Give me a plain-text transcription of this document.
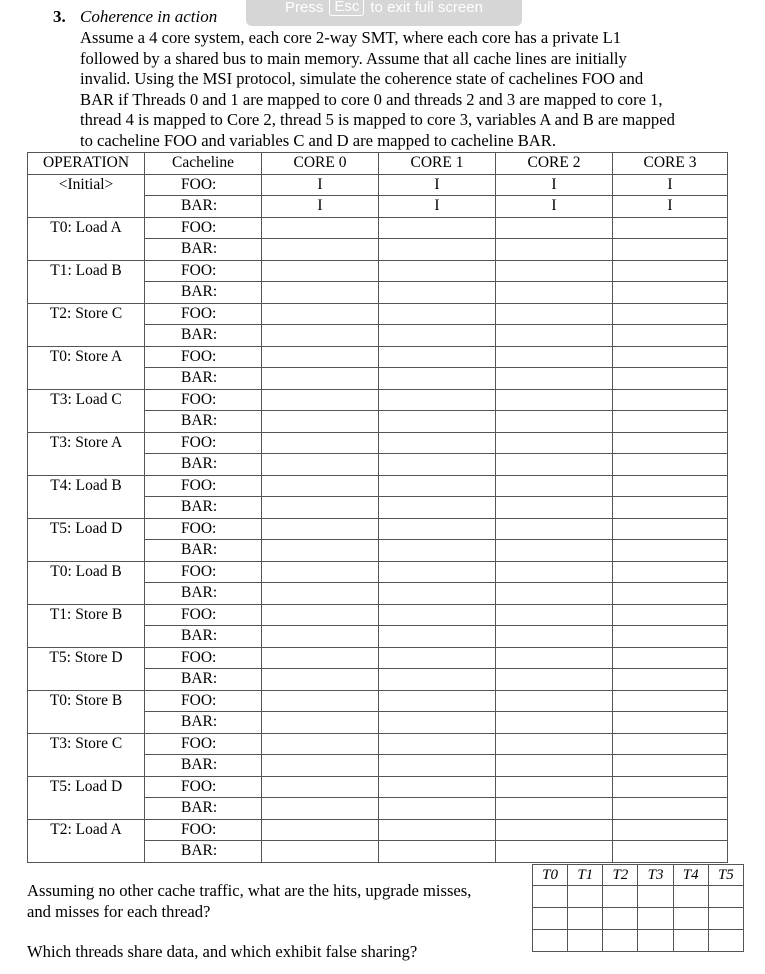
Press Esc to exit full screen
3. Coherence in action
Assume a 4 core system, each core 2-way SMT, where each core has a private L1
followed by a shared bus to main memory. Assume that all cache lines are initially
invalid. Using the MSI protocol, simulate the coherence state of cachelines FOO and
BAR if Threads 0 and 1 are mapped to core 0 and threads 2 and 3 are mapped to core 1,
thread 4 is mapped to Core 2, thread 5 is mapped to core 3, variables A and B are mapped
to cacheline FOO and variables C and D are mapped to cacheline BAR.
OPERATION	Cacheline	CORE 0	CORE 1	CORE 2	CORE 3
<Initial>	FOO:	I	I	I	I
	BAR:	I	I	I	I
T0: Load A	FOO:				
	BAR:				
T1: Load B	FOO:				
	BAR:				
T2: Store C	FOO:				
	BAR:				
T0: Store A	FOO:				
	BAR:				
T3: Load C	FOO:				
	BAR:				
T3: Store A	FOO:				
	BAR:				
T4: Load B	FOO:				
	BAR:				
T5: Load D	FOO:				
	BAR:				
T0: Load B	FOO:				
	BAR:				
T1: Store B	FOO:				
	BAR:				
T5: Store D	FOO:				
	BAR:				
T0: Store B	FOO:				
	BAR:				
T3: Store C	FOO:				
	BAR:				
T5: Load D	FOO:				
	BAR:				
T2: Load A	FOO:				
	BAR:				
Assuming no other cache traffic, what are the hits, upgrade misses,
and misses for each thread?
Which threads share data, and which exhibit false sharing?
T0	T1	T2	T3	T4	T5
